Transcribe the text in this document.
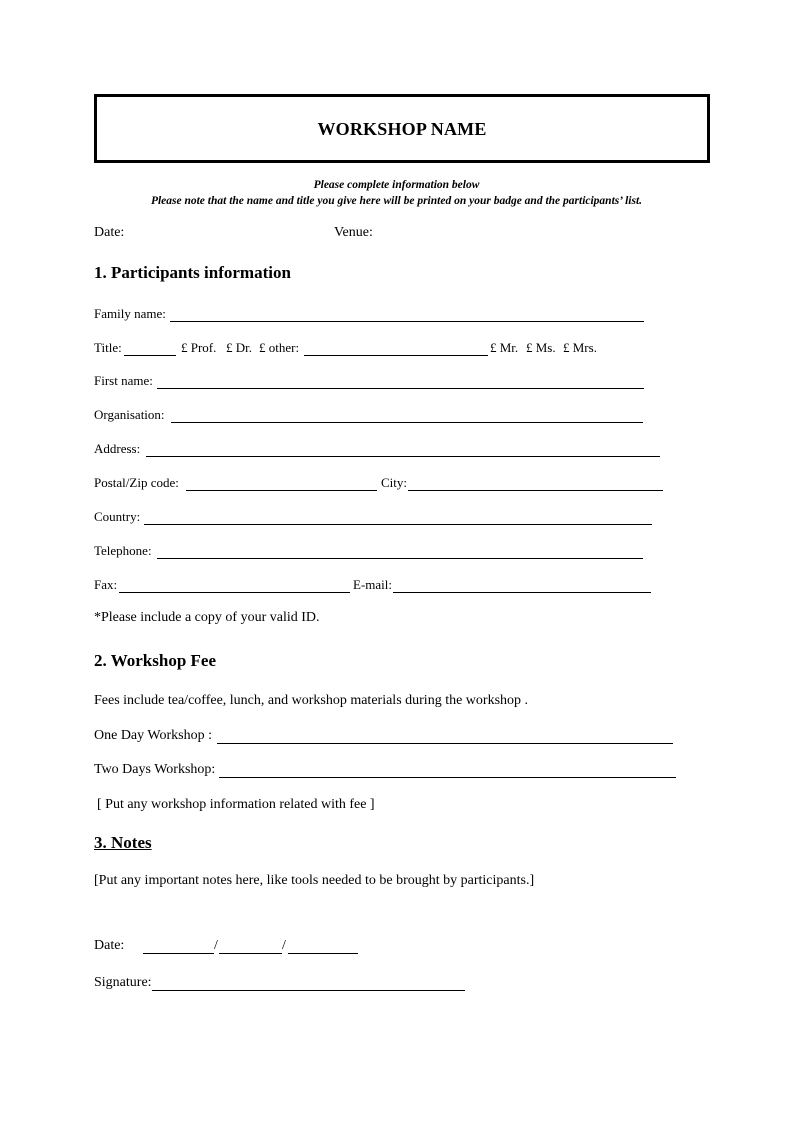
WORKSHOP NAME
Please complete information below
Please note that the name and title you give here will be printed on your badge and the participants’ list.
Date:	Venue:
1. Participants information
Family name:
Title:	£ Prof. £ Dr. £ other:	£ Mr. £ Ms. £ Mrs.
First name:
Organisation:
Address:
Postal/Zip code:	City:
Country:
Telephone:
Fax:	E-mail:
*Please include a copy of your valid ID.
2. Workshop Fee
Fees include tea/coffee, lunch, and workshop materials during the workshop .
One Day Workshop :
Two Days Workshop:
[ Put any workshop information related with fee ]
3. Notes
[Put any important notes here, like tools needed to be brought by participants.]
Date:	/	/
Signature:
